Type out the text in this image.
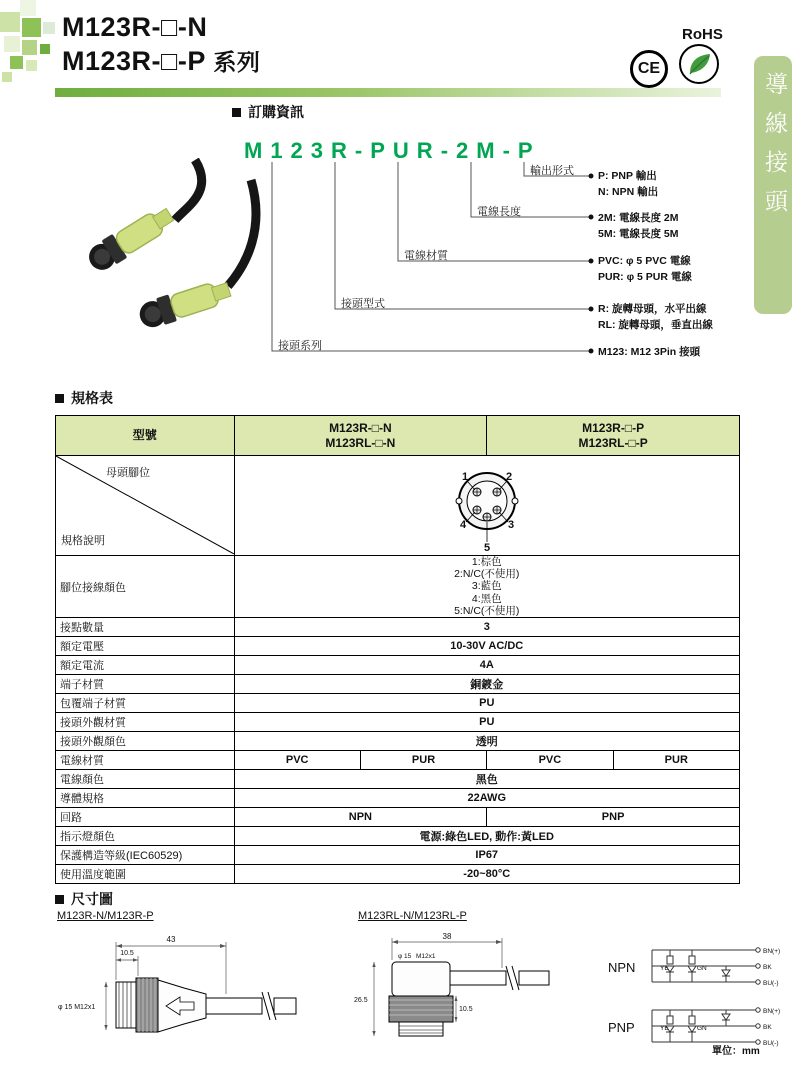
M123R-□-N
M123R-□-P 系列	CE
RoHS
導線接頭
訂購資訊
M123R-PUR-2M-P
輸出形式
電線長度
電線材質
接頭型式
接頭系列
P: PNP 輸出
N: NPN 輸出
2M: 電線長度 2M
5M: 電線長度 5M
PVC: φ 5 PVC 電線
PUR: φ 5 PUR 電線
R: 旋轉母頭，水平出線
RL: 旋轉母頭，垂直出線
M123: M12 3Pin 接頭
規格表
型號	
M123R-□-N
M123RL-□-N

M123R-□-P
M123RL-□-P

母頭腳位
規格說明	1 2
3
4
5			

腳位接線顏色	1:棕色
2:N/C(不使用)
3:藍色
4:黑色
5:N/C(不使用)			

接點數量	3			
額定電壓	10-30V AC/DC			
額定電流	4A			
端子材質	銅鍍金			
包覆端子材質	PU			
接頭外觀材質	PU			
接頭外觀顏色	透明			
電線材質	PVC	PUR	PVC	PUR
電線顏色	黑色			
導體規格	22AWG			
回路	NPN		PNP	
指示燈顏色	電源:綠色LED, 動作:黃LED			
保護構造等級(IEC60529)	IP67			
使用溫度範圍	-20~80°C			
尺寸圖
M123R-N/M123R-P	M123RL-N/M123RL-P
43
10.5
φ 15 M12x1
38
φ 15 M12x1
10.5
26.5
NPN
BN(+)
BK
BU(-)
YE	GN
PNP
BN(+)
BK
BU(-)
YE	GN
單位：mm
